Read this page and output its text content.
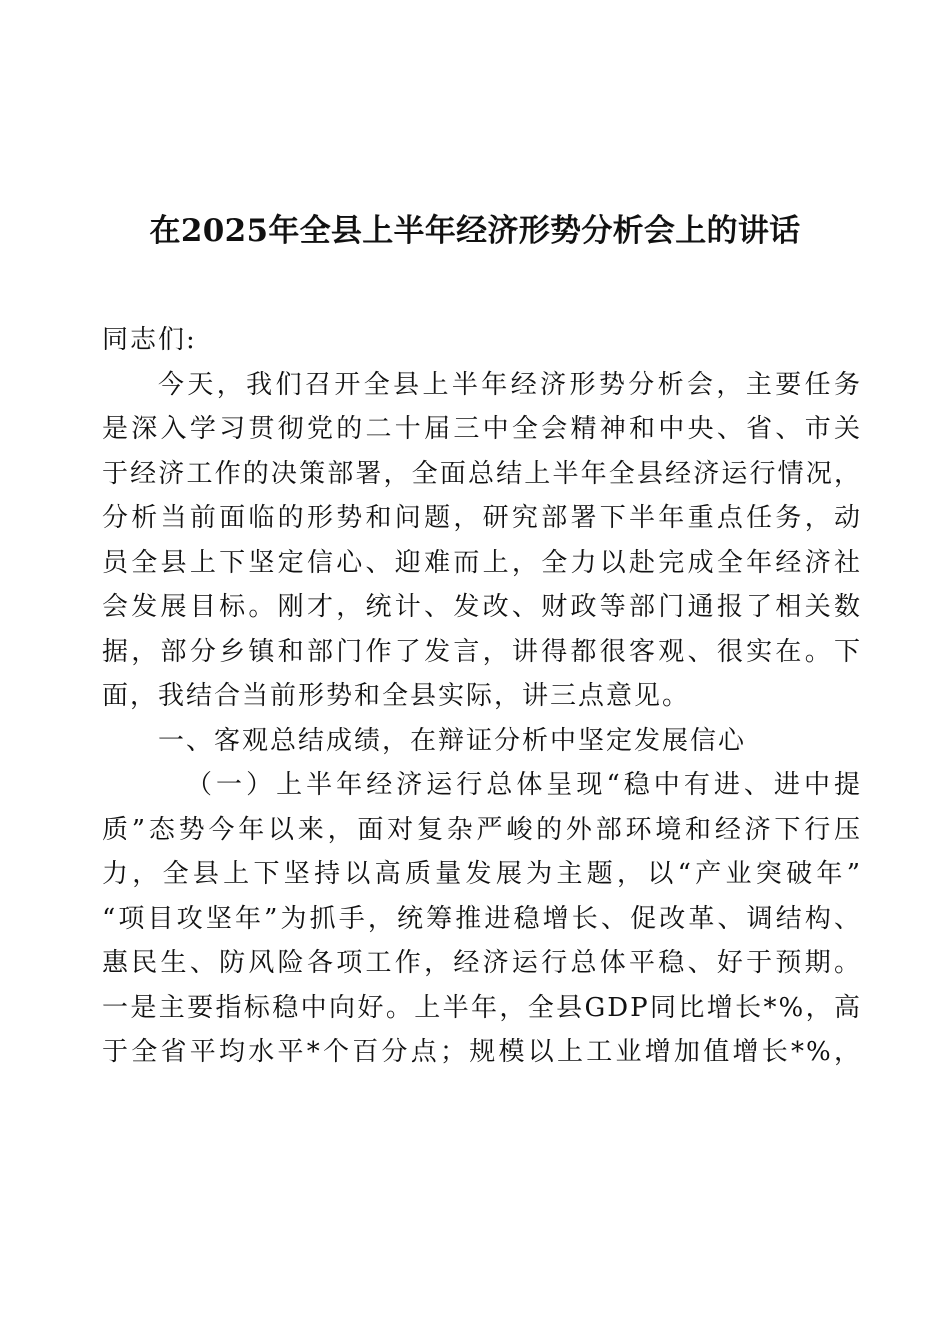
在2025年全县上半年经济形势分析会上的讲话
同志们:
今天，我们召开全县上半年经济形势分析会，主要任务
是深入学习贯彻党的二十届三中全会精神和中央、省、市关
于经济工作的决策部署，全面总结上半年全县经济运行情况，
分析当前面临的形势和问题，研究部署下半年重点任务，动
员全县上下坚定信心、迎难而上，全力以赴完成全年经济社
会发展目标。刚才，统计、发改、财政等部门通报了相关数
据，部分乡镇和部门作了发言，讲得都很客观、很实在。下
面，我结合当前形势和全县实际，讲三点意见。
一、客观总结成绩，在辩证分析中坚定发展信心
（一）上半年经济运行总体呈现“稳中有进、进中提
质”态势今年以来，面对复杂严峻的外部环境和经济下行压
力，全县上下坚持以高质量发展为主题，以“产业突破年”
“项目攻坚年”为抓手，统筹推进稳增长、促改革、调结构、
惠民生、防风险各项工作，经济运行总体平稳、好于预期。
一是主要指标稳中向好。上半年，全县GDP同比增长*%，高
于全省平均水平*个百分点；规模以上工业增加值增长*%，
